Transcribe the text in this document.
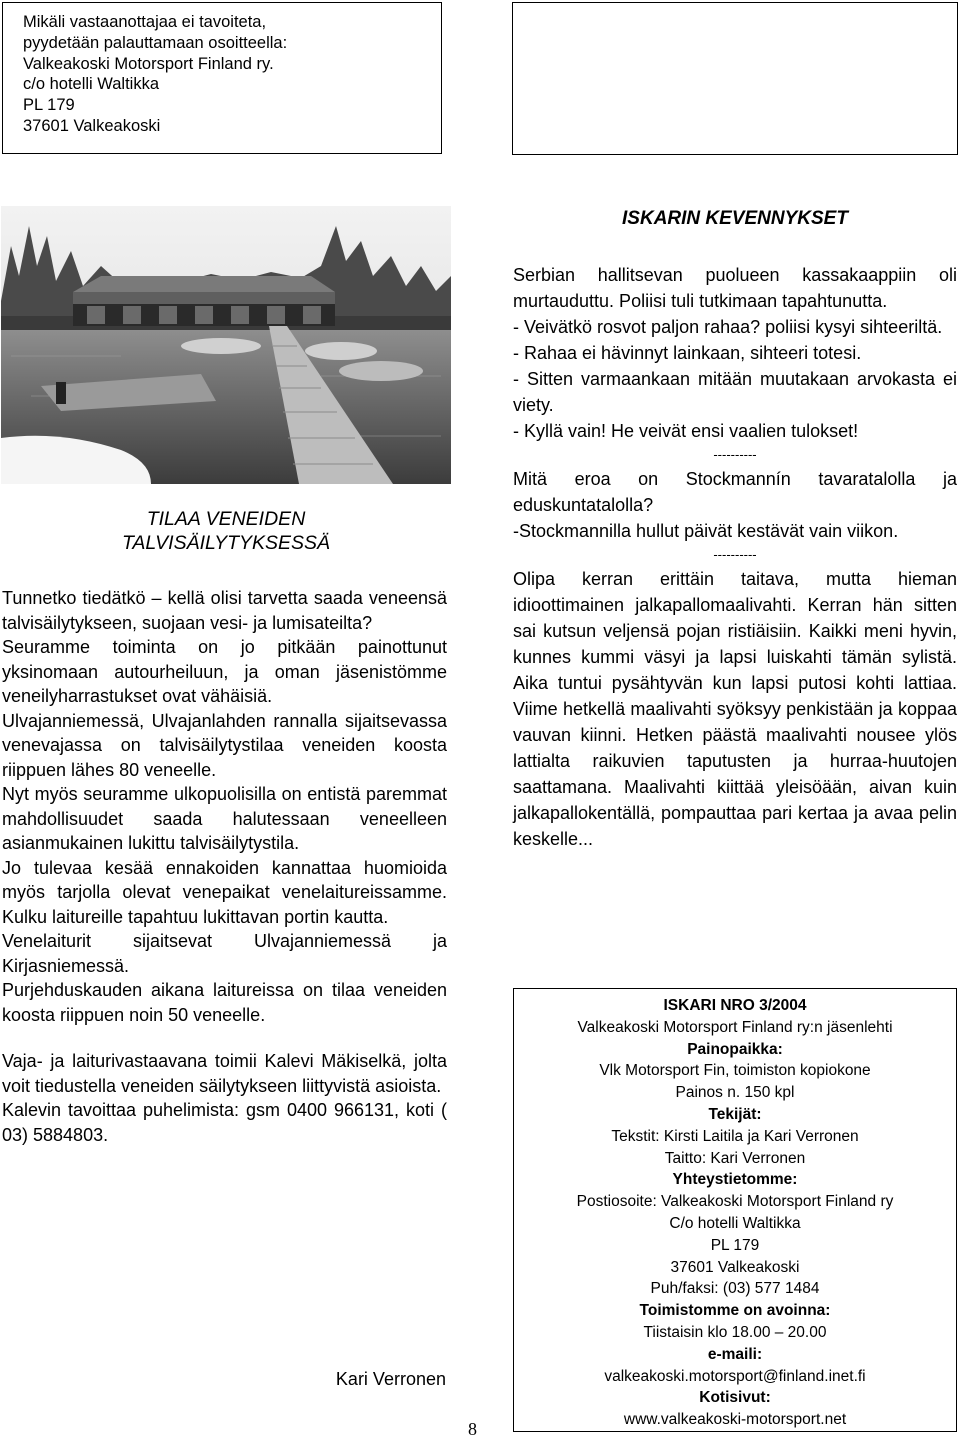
Mikäli vastaanottajaa ei tavoiteta,
pyydetään palauttamaan osoitteella:
Valkeakoski Motorsport Finland ry.
c/o hotelli Waltikka
PL 179
37601 Valkeakoski
TILAA VENEIDEN
TALVISÄILYTYKSESSÄ

Tunnetko tiedätkö – kellä olisi tarvetta saada veneensä talvisäilytykseen, suojaan vesi- ja lumisateilta?

Seuramme toiminta on jo pitkään painottunut yksinomaan autourheiluun, ja oman jäsenistömme veneilyharrastukset ovat vähäisiä.

Ulvajanniemessä, Ulvajanlahden rannalla sijaitsevassa venevajassa on talvisäilytystilaa veneiden koosta riippuen lähes 80 veneelle.

Nyt myös seuramme ulkopuolisilla on entistä paremmat mahdollisuudet saada halutessaan veneelleen asianmukainen lukittu talvisäilytystila.

Jo tulevaa kesää ennakoiden kannattaa huomioida myös tarjolla olevat venepaikat venelaitureissamme. Kulku laitureille tapahtuu lukittavan portin kautta.

Venelaiturit sijaitsevat Ulvajanniemessä ja Kirjasniemessä.

Purjehduskauden aikana laitureissa on tilaa veneiden koosta riippuen noin 50 veneelle.

Vaja- ja laiturivastaavana toimii Kalevi Mäkiselkä, jolta voit tiedustella veneiden säilytykseen liittyvistä asioista.

Kalevin tavoittaa puhelimista: gsm 0400 966131, koti ( 03) 5884803.

Kari Verronen
8
ISKARIN KEVENNYKSET

Serbian hallitsevan puolueen kassakaappiin oli murtauduttu. Poliisi tuli tutkimaan tapahtunutta.

- Veivätkö rosvot paljon rahaa? poliisi kysyi sihteeriltä.

- Rahaa ei hävinnyt lainkaan, sihteeri totesi.

- Sitten varmaankaan mitään muutakaan arvokasta ei viety.

- Kyllä vain! He veivät ensi vaalien tulokset!

----------

Mitä eroa on Stockmannín tavaratalolla ja eduskuntatalolla?

-Stockmannilla hullut päivät kestävät vain viikon.

----------

Olipa kerran erittäin taitava, mutta hieman idioottimainen jalkapallomaalivahti. Kerran hän sitten sai kutsun veljensä pojan ristiäisiin. Kaikki meni hyvin, kunnes kummi väsyi ja lapsi luiskahti tämän sylistä. Aika tuntui pysähtyvän kun lapsi putosi kohti lattiaa. Viime hetkellä maalivahti syöksyy penkistään ja koppaa vauvan kiinni. Hetken päästä maalivahti nousee ylös lattialta raikuvien taputusten ja hurraa-huutojen saattamana. Maalivahti kiittää yleisöään, aivan kuin jalkapallokentällä, pompauttaa pari kertaa ja avaa pelin keskelle...

ISKARI NRO 3/2004
Valkeakoski Motorsport Finland ry:n jäsenlehti
Painopaikka:
Vlk Motorsport Fin, toimiston kopiokone
Painos n. 150 kpl
Tekijät:
Tekstit: Kirsti Laitila ja Kari Verronen
Taitto: Kari Verronen
Yhteystietomme:
Postiosoite: Valkeakoski Motorsport Finland ry
C/o hotelli Waltikka
PL 179
37601 Valkeakoski
Puh/faksi: (03) 577 1484
Toimistomme on avoinna:
Tiistaisin klo 18.00 – 20.00
e-maili:
valkeakoski.motorsport@finland.inet.fi
Kotisivut:
www.valkeakoski-motorsport.net
